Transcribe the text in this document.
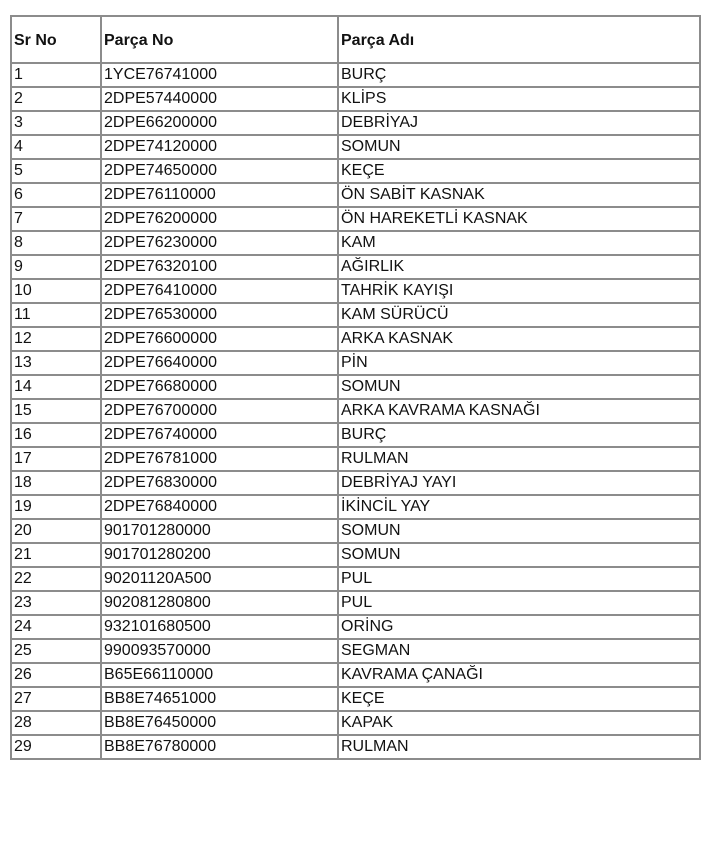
Sr No	Parça No	Parça Adı
1	1YCE76741000	BURÇ
2	2DPE57440000	KLİPS
3	2DPE66200000	DEBRİYAJ
4	2DPE74120000	SOMUN
5	2DPE74650000	KEÇE
6	2DPE76110000	ÖN SABİT KASNAK
7	2DPE76200000	ÖN HAREKETLİ KASNAK
8	2DPE76230000	KAM
9	2DPE76320100	AĞIRLIK
10	2DPE76410000	TAHRİK KAYIŞI
11	2DPE76530000	KAM SÜRÜCÜ
12	2DPE76600000	ARKA KASNAK
13	2DPE76640000	PİN
14	2DPE76680000	SOMUN
15	2DPE76700000	ARKA KAVRAMA KASNAĞI
16	2DPE76740000	BURÇ
17	2DPE76781000	RULMAN
18	2DPE76830000	DEBRİYAJ YAYI
19	2DPE76840000	İKİNCİL YAY
20	901701280000	SOMUN
21	901701280200	SOMUN
22	90201120A500	PUL
23	902081280800	PUL
24	932101680500	ORİNG
25	990093570000	SEGMAN
26	B65E66110000	KAVRAMA ÇANAĞI
27	BB8E74651000	KEÇE
28	BB8E76450000	KAPAK
29	BB8E76780000	RULMAN
